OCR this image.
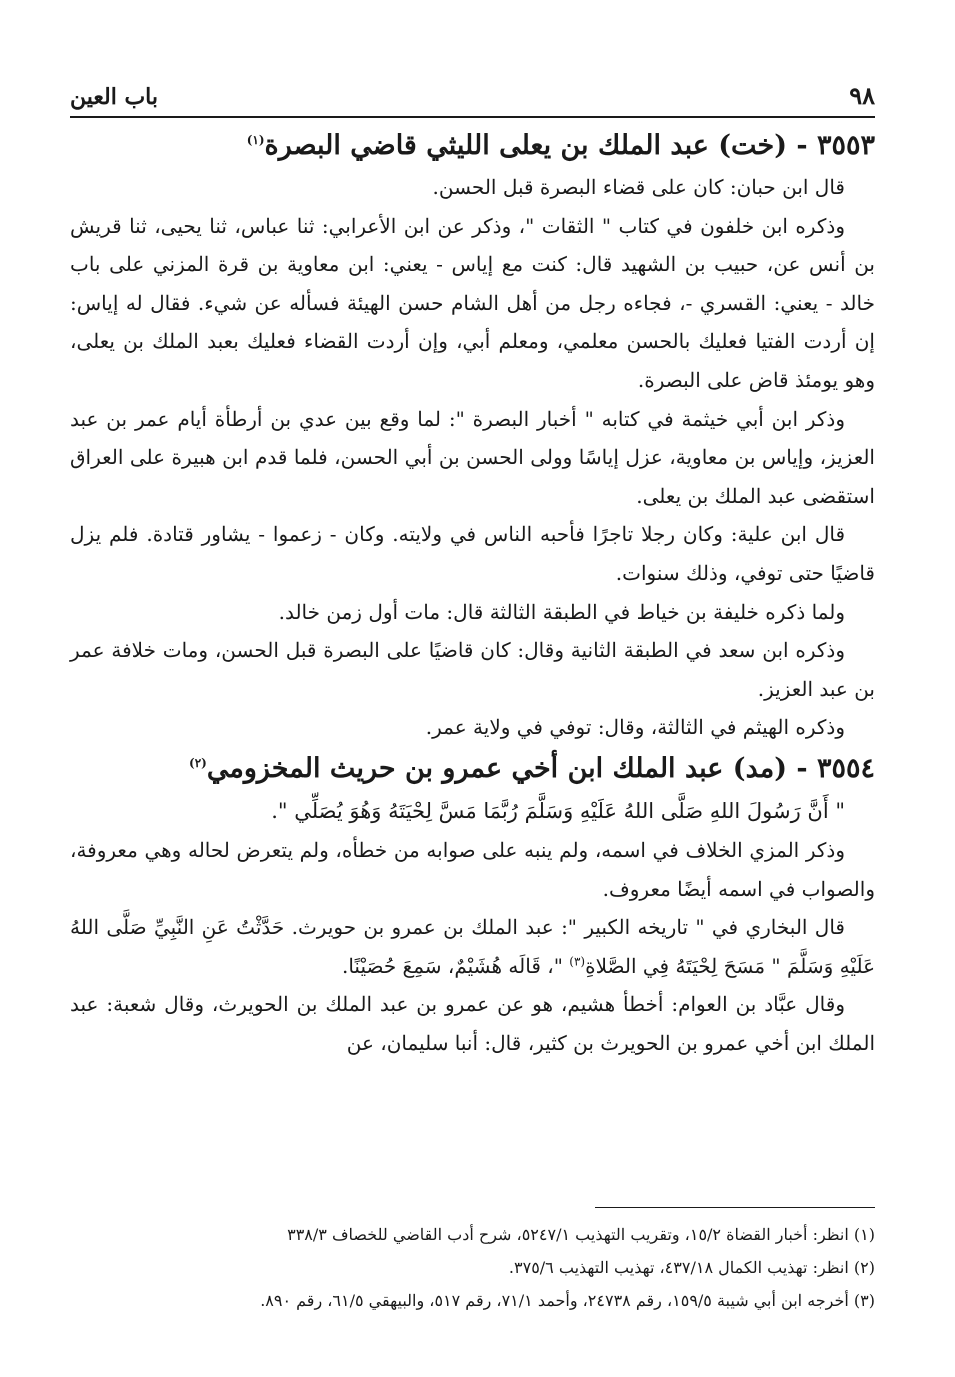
٩٨
باب العين

٣٥٥٣ - (خت) عبد الملك بن يعلى الليثي قاضي البصرة$^{(١)}$

قال ابن حبان: كان على قضاء البصرة قبل الحسن.

وذكره ابن خلفون في كتاب " الثقات "، وذكر عن ابن الأعرابي: ثنا عباس، ثنا يحيى، ثنا قريش بن أنس عن، حبيب بن الشهيد قال: كنت مع إياس - يعني: ابن معاوية بن قرة المزني على باب خالد - يعني: القسري -، فجاءه رجل من أهل الشام حسن الهيئة فسأله عن شيء. فقال له إياس: إن أردت الفتيا فعليك بالحسن معلمي، ومعلم أبي، وإن أردت القضاء فعليك بعبد الملك بن يعلى، وهو يومئذ قاض على البصرة.

وذكر ابن أبي خيثمة في كتابه " أخبار البصرة ": لما وقع بين عدي بن أرطأة أيام عمر بن عبد العزيز، وإياس بن معاوية، عزل إياسًا وولى الحسن بن أبي الحسن، فلما قدم ابن هبيرة على العراق استقضى عبد الملك بن يعلى.

قال ابن علية: وكان رجلا تاجرًا فأحبه الناس في ولايته. وكان - زعموا - يشاور قتادة. فلم يزل قاضيًا حتى توفي، وذلك سنوات.

ولما ذكره خليفة بن خياط في الطبقة الثالثة قال: مات أول زمن خالد.

وذكره ابن سعد في الطبقة الثانية وقال: كان قاضيًا على البصرة قبل الحسن، ومات خلافة عمر بن عبد العزيز.

وذكره الهيثم في الثالثة، وقال: توفي في ولاية عمر.

٣٥٥٤ - (مد) عبد الملك ابن أخي عمرو بن حريث المخزومي$^{(٢)}$

" أَنَّ رَسُولَ اللهِ صَلَّى اللهُ عَلَيْهِ وَسَلَّمَ رُبَّمَا مَسَّ لِحْيَتَهُ وَهُوَ يُصَلِّي ".

وذكر المزي الخلاف في اسمه، ولم ينبه على صوابه من خطأه، ولم يتعرض لحاله وهي معروفة، والصواب في اسمه أيضًا معروف.

قال البخاري في " تاريخه الكبير ": عبد الملك بن عمرو بن حويرث. حَدَّثْتُ عَنِ النَّبِيِّ صَلَّى اللهُ عَلَيْهِ وَسَلَّمَ " مَسَحَ لِحْيَتَهُ فِي الصَّلاةِ$^{(٣)}$ "، قَالَه هُشَيْمٌ، سَمِعَ حُصَيْنًا.

وقال عبَّاد بن العوام: أخطأ هشيم، هو عن عمرو بن عبد الملك بن الحويرث، وقال شعبة: عبد الملك ابن أخي عمرو بن الحويرث بن كثير، قال: أنبا سليمان، عن

(١) انظر: أخبار القضاة ١٥/٢، وتقريب التهذيب ٥٢٤٧/١، شرح أدب القاضي للخصاف ٣٣٨/٣

(٢) انظر: تهذيب الكمال ٤٣٧/١٨، تهذيب التهذيب ٣٧٥/٦.

(٣) أخرجه ابن أبي شيبة ١٥٩/٥، رقم ٢٤٧٣٨، وأحمد ٧١/١، رقم ٥١٧، والبيهقي ٦١/٥، رقم ٨٩٠.
